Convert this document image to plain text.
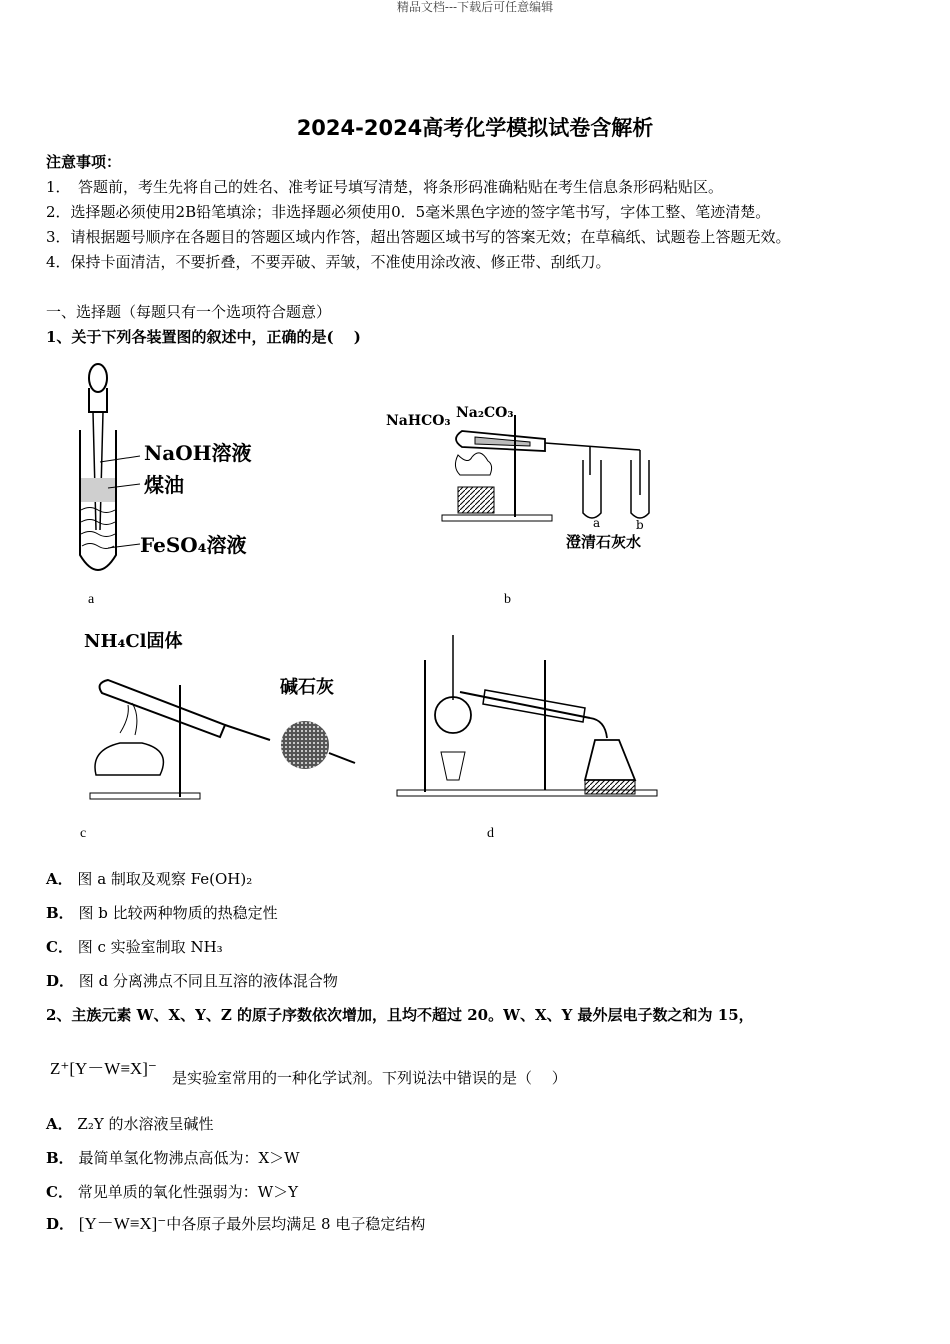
精品文档---下载后可任意编辑
2024-2024高考化学模拟试卷含解析
注意事项：
1．　答题前，考生先将自己的姓名、准考证号填写清楚，将条形码准确粘贴在考生信息条形码粘贴区。
2．选择题必须使用2B铅笔填涂；非选择题必须使用0．5毫米黑色字迹的签字笔书写，字体工整、笔迹清楚。
3．请根据题号顺序在各题目的答题区域内作答，超出答题区域书写的答案无效；在草稿纸、试题卷上答题无效。
4．保持卡面清洁，不要折叠，不要弄破、弄皱，不准使用涂改液、修正带、刮纸刀。
一、选择题（每题只有一个选项符合题意）
1、关于下列各装置图的叙述中，正确的是(　 )
NaOH溶液
煤油
FeSO₄溶液
a
NaHCO₃ Na₂CO₃
a	b
澄清石灰水
b
NH₄Cl固体
碱石灰
c	d
A． 图 a 制取及观察 Fe(OH)₂
B． 图 b 比较两种物质的热稳定性
C． 图 c 实验室制取 NH₃
D． 图 d 分离沸点不同且互溶的液体混合物
2、主族元素 W、X、Y、Z 的原子序数依次增加，且均不超过 20。W、X、Y 最外层电子数之和为 15，
Z⁺[Y－W≡X]⁻ 是实验室常用的一种化学试剂。下列说法中错误的是（　 ）
A． Z₂Y 的水溶液呈碱性
B． 最简单氢化物沸点高低为：X＞W
C． 常见单质的氧化性强弱为：W＞Y
D． [Y－W≡X]⁻中各原子最外层均满足 8 电子稳定结构
